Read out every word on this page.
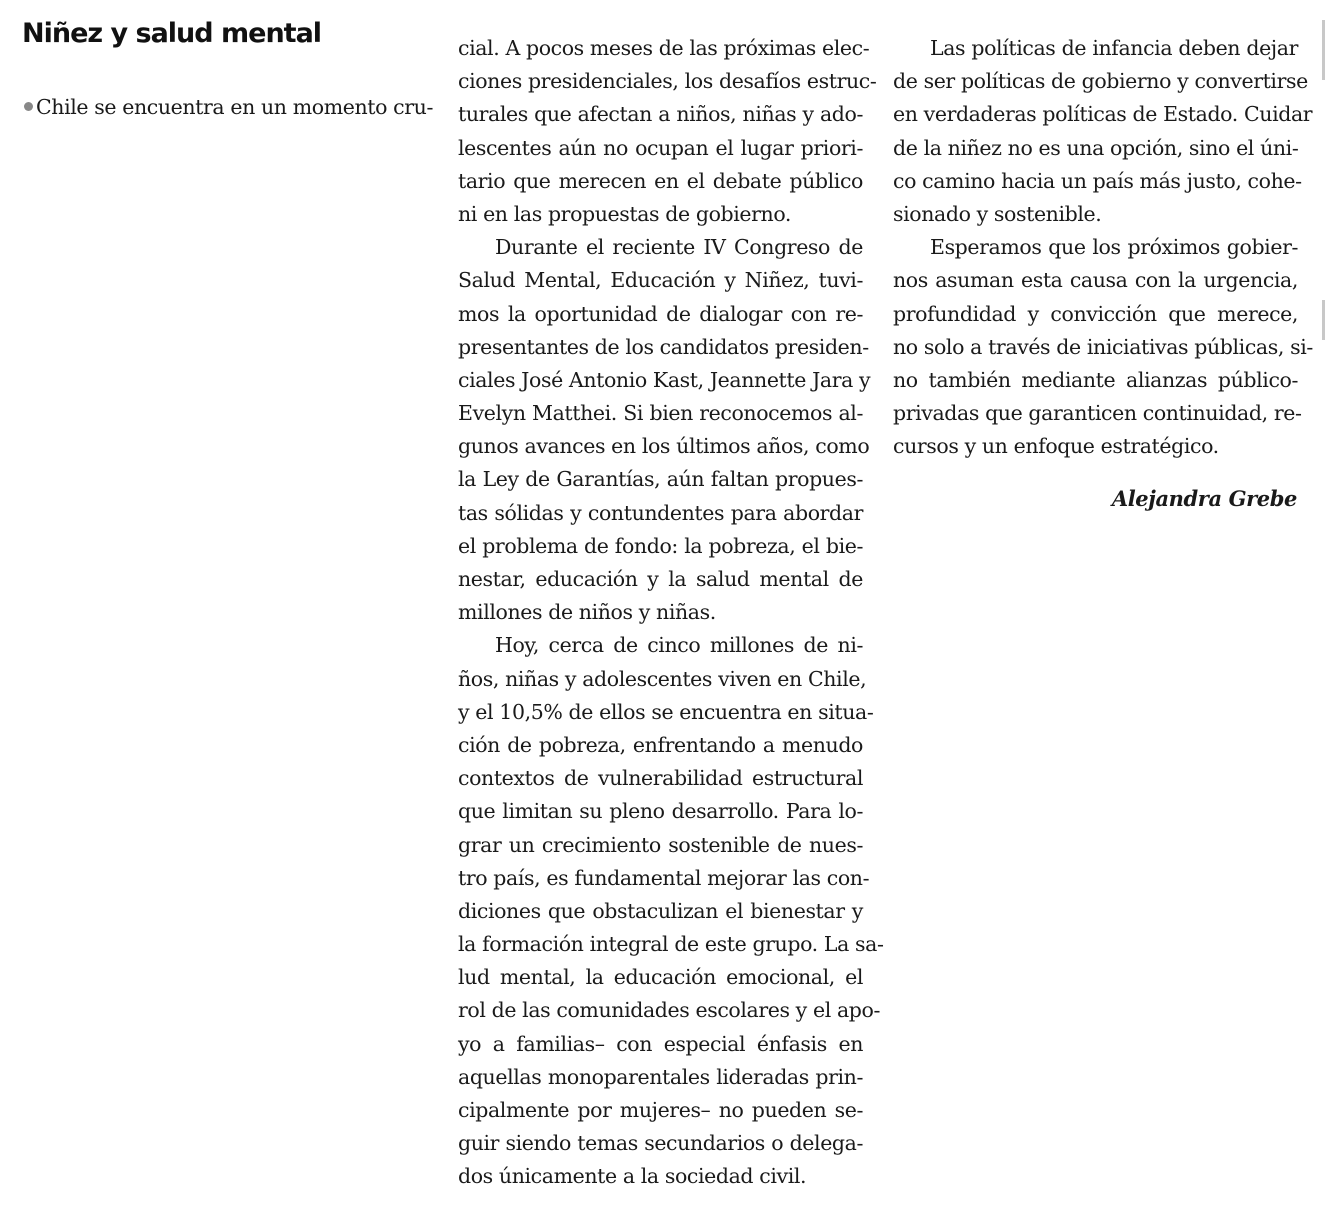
Niñez y salud mental
Chile se encuentra en un momento cru-
cial. A pocos meses de las próximas elec-
ciones presidenciales, los desafíos estruc-
turales que afectan a niños, niñas y ado-
lescentes aún no ocupan el lugar priori-
tario que merecen en el debate público
ni en las propuestas de gobierno.
Durante el reciente IV Congreso de
Salud Mental, Educación y Niñez, tuvi-
mos la oportunidad de dialogar con re-
presentantes de los candidatos presiden-
ciales José Antonio Kast, Jeannette Jara y
Evelyn Matthei. Si bien reconocemos al-
gunos avances en los últimos años, como
la Ley de Garantías, aún faltan propues-
tas sólidas y contundentes para abordar
el problema de fondo: la pobreza, el bie-
nestar, educación y la salud mental de
millones de niños y niñas.
Hoy, cerca de cinco millones de ni-
ños, niñas y adolescentes viven en Chile,
y el 10,5% de ellos se encuentra en situa-
ción de pobreza, enfrentando a menudo
contextos de vulnerabilidad estructural
que limitan su pleno desarrollo. Para lo-
grar un crecimiento sostenible de nues-
tro país, es fundamental mejorar las con-
diciones que obstaculizan el bienestar y
la formación integral de este grupo. La sa-
lud mental, la educación emocional, el
rol de las comunidades escolares y el apo-
yo a familias– con especial énfasis en
aquellas monoparentales lideradas prin-
cipalmente por mujeres– no pueden se-
guir siendo temas secundarios o delega-
dos únicamente a la sociedad civil.
Las políticas de infancia deben dejar
de ser políticas de gobierno y convertirse
en verdaderas políticas de Estado. Cuidar
de la niñez no es una opción, sino el úni-
co camino hacia un país más justo, cohe-
sionado y sostenible.
Esperamos que los próximos gobier-
nos asuman esta causa con la urgencia,
profundidad y convicción que merece,
no solo a través de iniciativas públicas, si-
no también mediante alianzas público-
privadas que garanticen continuidad, re-
cursos y un enfoque estratégico.
Alejandra Grebe
